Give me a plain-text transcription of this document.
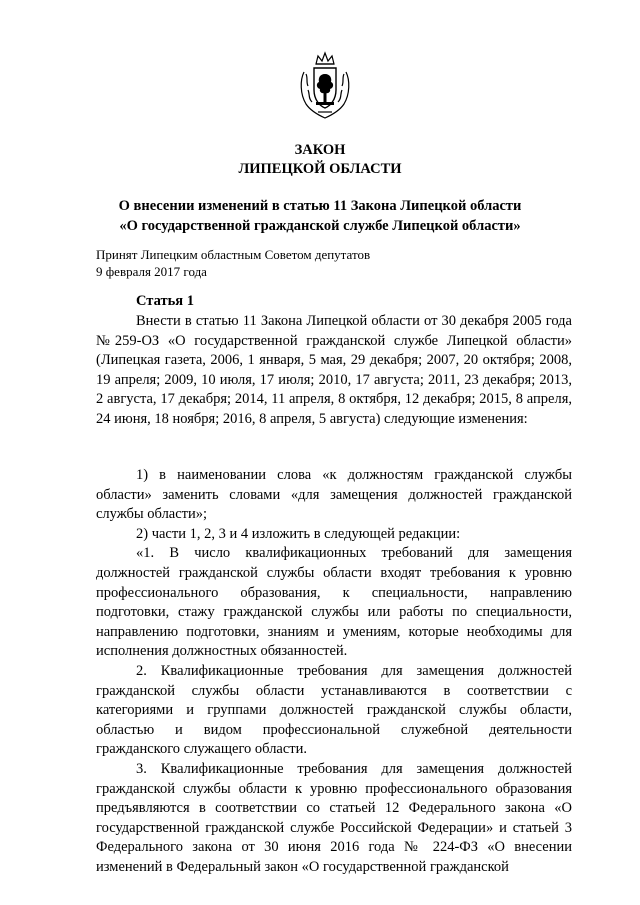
ЗАКОН
ЛИПЕЦКОЙ ОБЛАСТИ
О внесении изменений в статью 11 Закона Липецкой области
«О государственной гражданской службе Липецкой области»
Принят Липецким областным Советом депутатов
9 февраля 2017 года
Статья 1

Внести в статью 11 Закона Липецкой области от 30 декабря 2005 года №259-ОЗ «О государственной гражданской службе Липецкой области» (Липецкая газета, 2006, 1 января, 5 мая, 29 декабря; 2007, 20 октября; 2008, 19 апреля; 2009, 10 июля, 17 июля; 2010, 17 августа; 2011, 23 декабря; 2013, 2 августа, 17 декабря; 2014, 11 апреля, 8 октября, 12 декабря; 2015, 8 апреля, 24 июня, 18 ноября; 2016, 8 апреля, 5 августа) следующие изменения:

1) в наименовании слова «к должностям гражданской службы области» заменить словами «для замещения должностей гражданской службы области»;

2) части 1, 2, 3 и 4 изложить в следующей редакции:

«1. В число квалификационных требований для замещения должностей гражданской службы области входят требования к уровню профессионального образования, к специальности, направлению подготовки, стажу гражданской службы или работы по специальности, направлению подготовки, знаниям и умениям, которые необходимы для исполнения должностных обязанностей.

2. Квалификационные требования для замещения должностей гражданской службы области устанавливаются в соответствии с категориями и группами должностей гражданской службы области, областью и видом профессиональной служебной деятельности гражданского служащего области.

3. Квалификационные требования для замещения должностей гражданской службы области к уровню профессионального образования предъявляются в соответствии со статьей 12 Федерального закона «О государственной гражданской службе Российской Федерации» и статьей 3 Федерального закона от 30 июня 2016 года № 224-ФЗ «О внесении изменений в Федеральный закон «О государственной гражданской
